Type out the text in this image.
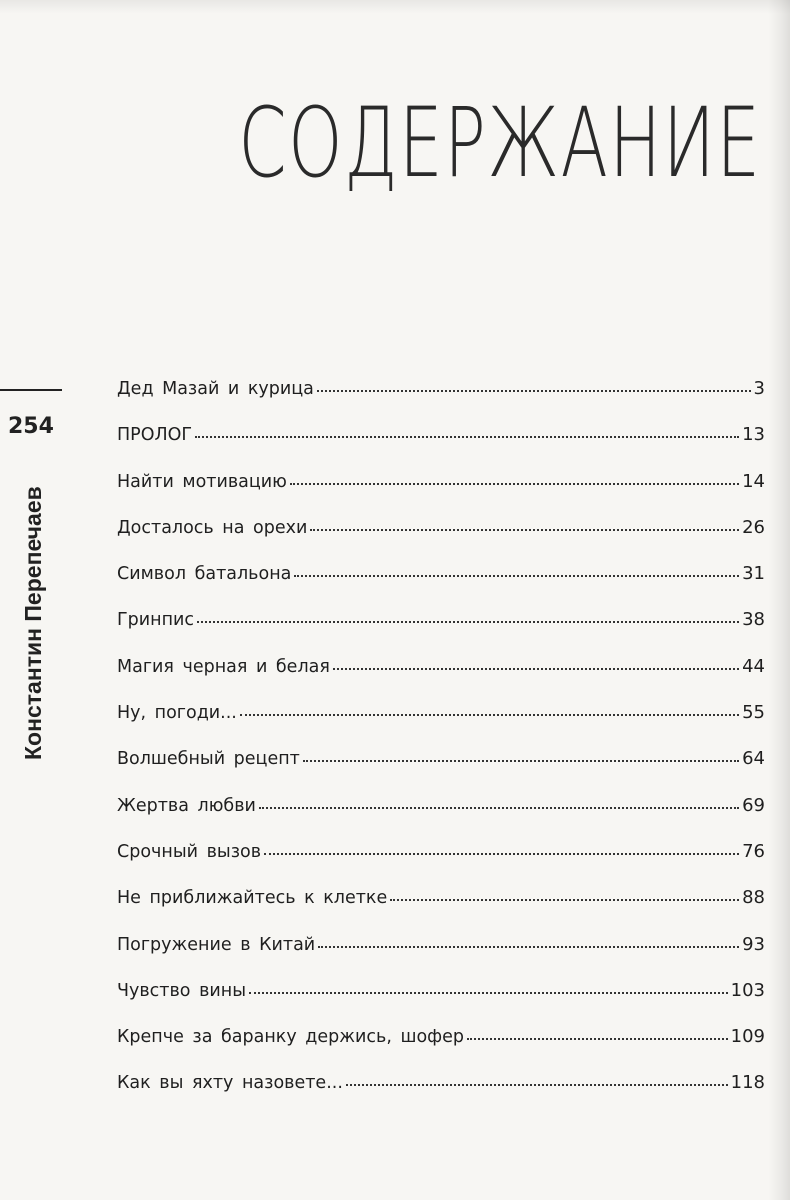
СОДЕРЖАНИЕ
254
Константин Перепечаев
Дед Мазай и курица	3
ПРОЛОГ	13
Найти мотивацию	14
Досталось на орехи	26
Символ батальона	31
Гринпис	38
Магия черная и белая	44
Ну, погоди...	55
Волшебный рецепт	64
Жертва любви	69
Срочный вызов	76
Не приближайтесь к клетке	88
Погружение в Китай	93
Чувство вины	103
Крепче за баранку держись, шофер	109
Как вы яхту назовете...	118
